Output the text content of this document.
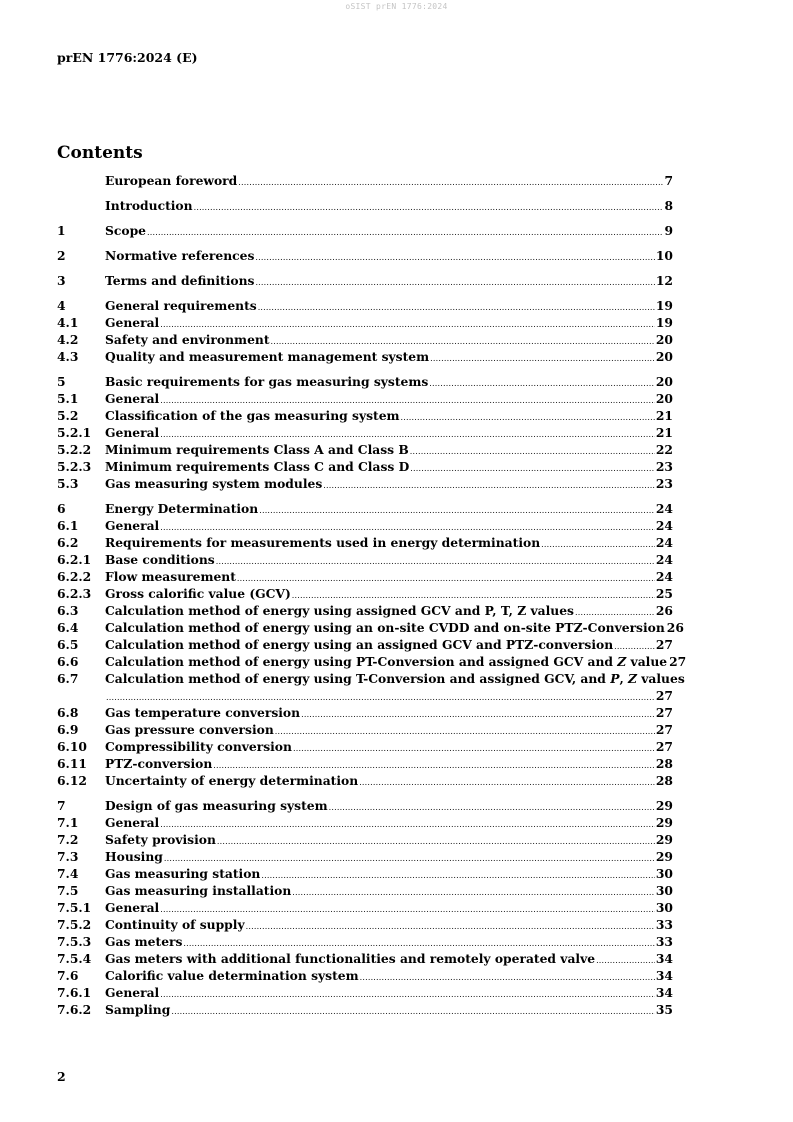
oSIST prEN 1776:2024
prEN 1776:2024 (E)
Contents
European foreword .....	7
Introduction .....	8
1	Scope .....	9
2	Normative references .....	10
3	Terms and definitions .....	12
4	General requirements .....	19
4.1	General .....	19
4.2	Safety and environment .....	20
4.3	Quality and measurement management system .....	20
5	Basic requirements for gas measuring systems .....	20
5.1	General .....	20
5.2	Classification of the gas measuring system .....	21
5.2.1	General .....	21
5.2.2	Minimum requirements Class A and Class B .....	22
5.2.3	Minimum requirements Class C and Class D .....	23
5.3	Gas measuring system modules .....	23
6	Energy Determination .....	24
6.1	General .....	24
6.2	Requirements for measurements used in energy determination .....	24
6.2.1	Base conditions .....	24
6.2.2	Flow measurement .....	24
6.2.3	Gross calorific value (GCV) .....	25
6.3	Calculation method of energy using assigned GCV and P, T, Z values .....	26
6.4	Calculation method of energy using an on-site CVDD and on-site PTZ-Conversion 26
6.5	Calculation method of energy using an assigned GCV and PTZ-conversion .....	27
6.6	Calculation method of energy using PT-Conversion and assigned GCV and Z value 27
6.7	Calculation method of energy using T-Conversion and assigned GCV, and P, Z values
.....
27
6.8	Gas temperature conversion .....	27
6.9	Gas pressure conversion .....	27
6.10	Compressibility conversion .....	27
6.11	PTZ-conversion .....	28
6.12	Uncertainty of energy determination .....	28
7	Design of gas measuring system .....	29
7.1	General .....	29
7.2	Safety provision .....	29
7.3	Housing .....	29
7.4	Gas measuring station .....	30
7.5	Gas measuring installation .....	30
7.5.1	General .....	30
7.5.2	Continuity of supply .....	33
7.5.3	Gas meters .....	33
7.5.4	Gas meters with additional functionalities and remotely operated valve .....	34
7.6	Calorific value determination system .....	34
7.6.1	General .....	34
7.6.2	Sampling .....	35
2
